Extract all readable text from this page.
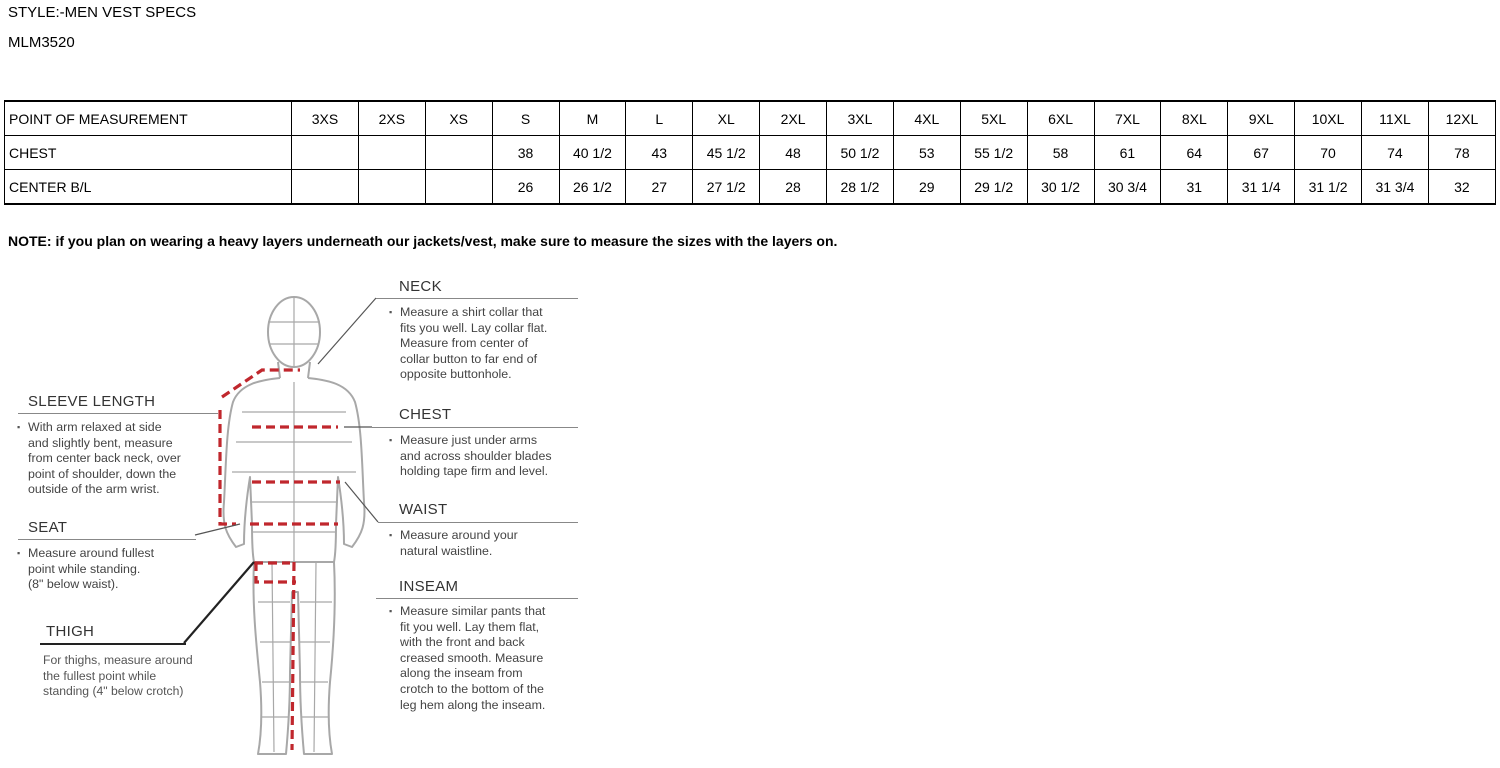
STYLE:-MEN VEST SPECS
MLM3520
POINT OF MEASUREMENT	3XS	2XS	XS	S	M	L	XL	2XL	3XL	4XL	5XL	6XL	7XL	8XL	9XL	10XL	11XL	12XL
CHEST				38	40 1/2	43	45 1/2	48	50 1/2	53	55 1/2	58	61	64	67	70	74	78
CENTER B/L				26	26 1/2	27	27 1/2	28	28 1/2	29	29 1/2	30 1/2	30 3/4	31	31 1/4	31 1/2	31 3/4	32
NOTE: if you plan on wearing a heavy layers underneath our jackets/vest, make sure to measure the sizes with the layers on.
NECK
▪ Measure a shirt collar that
fits you well. Lay collar flat.
Measure from center of
collar button to far end of
opposite buttonhole.
SLEEVE LENGTH
▪ With arm relaxed at side
and slightly bent, measure
from center back neck, over
point of shoulder, down the
outside of the arm wrist.
CHEST
▪ Measure just under arms
and across shoulder blades
holding tape firm and level.
WAIST
▪ Measure around your
natural waistline.
SEAT
▪ Measure around fullest
point while standing.
(8" below waist).	INSEAM
▪ Measure similar pants that
fit you well. Lay them flat,
with the front and back
creased smooth. Measure
along the inseam from
crotch to the bottom of the
leg hem along the inseam.
THIGH
For thighs, measure around
the fullest point while
standing (4" below crotch)
